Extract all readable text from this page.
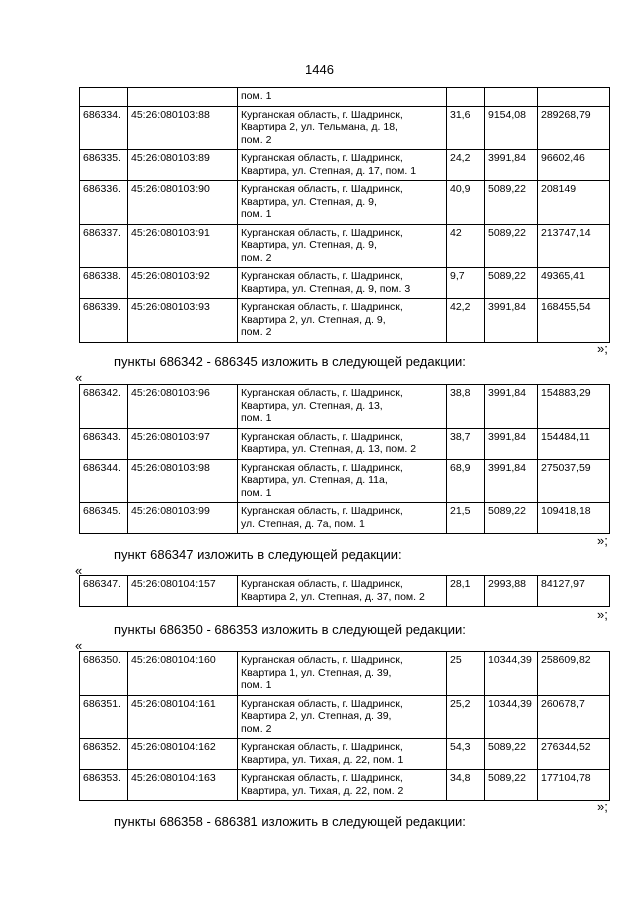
1446

		пом. 1			

686334.	45:26:080103:88	Курганская область, г. Шадринск,
Квартира 2, ул. Тельмана, д. 18,
пом. 2	31,6	9154,08	289268,79
686335.	45:26:080103:89	Курганская область, г. Шадринск,
Квартира, ул. Степная, д. 17, пом. 1	24,2	3991,84	96602,46
686336.	45:26:080103:90	Курганская область, г. Шадринск,
Квартира, ул. Степная, д. 9,
пом. 1	40,9	5089,22	208149
686337.	45:26:080103:91	Курганская область, г. Шадринск,
Квартира, ул. Степная, д. 9,
пом. 2	42	5089,22	213747,14
686338.	45:26:080103:92	Курганская область, г. Шадринск,
Квартира, ул. Степная, д. 9, пом. 3	9,7	5089,22	49365,41
686339.	45:26:080103:93	Курганская область, г. Шадринск,
Квартира 2, ул. Степная, д. 9,
пом. 2	42,2	3991,84	168455,54
»;
пункты 686342 - 686345 изложить в следующей редакции:
«
686342.	45:26:080103:96	Курганская область, г. Шадринск,
Квартира, ул. Степная, д. 13,
пом. 1	38,8	3991,84	154883,29
686343.	45:26:080103:97	Курганская область, г. Шадринск,
Квартира, ул. Степная, д. 13, пом. 2	38,7	3991,84	154484,11
686344.	45:26:080103:98	Курганская область, г. Шадринск,
Квартира, ул. Степная, д. 11а,
пом. 1	68,9	3991,84	275037,59
686345.	45:26:080103:99	Курганская область, г. Шадринск,
ул. Степная, д. 7а, пом. 1	21,5	5089,22	109418,18
»;
пункт 686347 изложить в следующей редакции:
«
686347.	45:26:080104:157	Курганская область, г. Шадринск,
Квартира 2, ул. Степная, д. 37, пом. 2
	28,1	2993,88	84127,97
»;
пункты 686350 - 686353 изложить в следующей редакции:
«
686350.	45:26:080104:160	Курганская область, г. Шадринск,
Квартира 1, ул. Степная, д. 39,
пом. 1	25	10344,39	258609,82
686351.	45:26:080104:161	Курганская область, г. Шадринск,
Квартира 2, ул. Степная, д. 39,
пом. 2	25,2	10344,39	260678,7
686352.	45:26:080104:162	Курганская область, г. Шадринск,
Квартира, ул. Тихая, д. 22, пом. 1	54,3	5089,22	276344,52
686353.	45:26:080104:163	Курганская область, г. Шадринск,
Квартира, ул. Тихая, д. 22, пом. 2	34,8	5089,22	177104,78
»;
пункты 686358 - 686381 изложить в следующей редакции:
